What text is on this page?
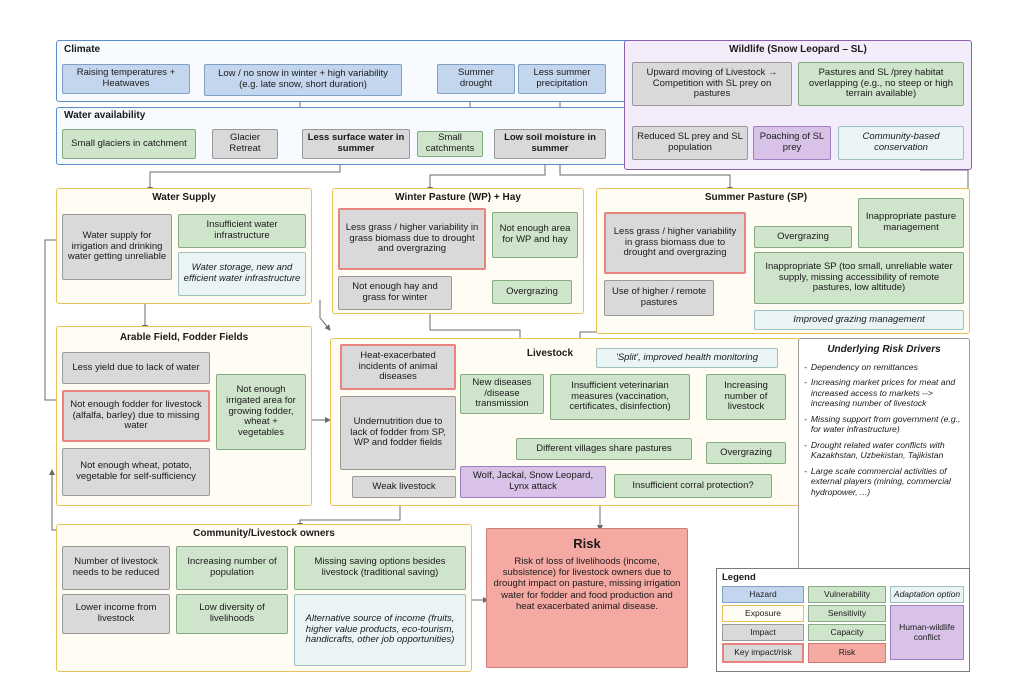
Climate
Raising temperatures + Heatwaves
Low / no snow in winter + high variability (e.g. late snow, short duration)
Summer drought
Less summer precipitation
Water availability
Small glaciers in catchment	Glacier Retreat
Less surface water in summer
Small catchments
Low soil moisture in summer
Wildlife (Snow Leopard – SL)
Upward moving of Livestock → Competition with SL prey on pastures
Pastures and SL /prey habitat overlapping (e.g., no steep or high terrain available)
Reduced SL prey and SL population
Poaching of SL prey
Community-based conservation
Water Supply
Water supply for irrigation and drinking water getting unreliable
Insufficient water infrastructure
Water storage, new and efficient water infrastructure
Winter Pasture (WP) + Hay
Less grass / higher variability in grass biomass due to drought and overgrazing
Not enough area for WP and hay
Not enough hay and grass for winter
Overgrazing
Summer Pasture (SP)
Less grass / higher variability in grass biomass due to drought and overgrazing
Overgrazing
Inappropriate pasture management
Inappropriate SP (too small, unreliable water supply, missing accessibility of remote pastures, low altitude)
Use of higher / remote pastures
Improved grazing management
Arable Field, Fodder Fields
Less yield due to lack of water
Not enough fodder for livestock (alfalfa, barley) due to missing water
Not enough irrigated area for growing fodder, wheat + vegetables
Not enough wheat, potato, vegetable for self-sufficiency
Livestock
Heat-exacerbated incidents of animal diseases
'Split', improved health monitoring
New diseases /disease transmission
Insufficient veterinarian measures (vaccination, certificates, disinfection)
Increasing number of livestock
Undernutrition due to lack of fodder from SP, WP and fodder fields	Different villages share pastures	Overgrazing
Weak livestock
Wolf, Jackal, Snow Leopard, Lynx attack	Insufficient corral protection?
Community/Livestock owners
Number of livestock needs to be reduced
Increasing number of population
Missing saving options besides livestock (traditional saving)
Lower income from livestock
Low diversity of livelihoods	Alternative source of income (fruits, higher value products, eco-tourism, handicrafts, other job opportunities)
Risk
Risk of loss of livelihoods (income, subsistence) for livestock owners due to drought impact on pasture, missing irrigation water for fodder and food production and heat exacerbated animal disease.
Underlying Risk Drivers
- Dependency on remittances
- Increasing market prices for meat and increased access to markets --> increasing number of livestock
- Missing support from government (e.g., for water infrastructure)
- Drought related water conflicts with Kazakhstan, Uzbekistan, Tajikistan
- Large scale commercial activities of external players (mining, commercial hydropower, ...)
Legend
Hazard	Vulnerability	Adaptation option
Exposure	Sensitivity
Human-wildlife conflict
Impact	Capacity
Key impact/risk	Risk
